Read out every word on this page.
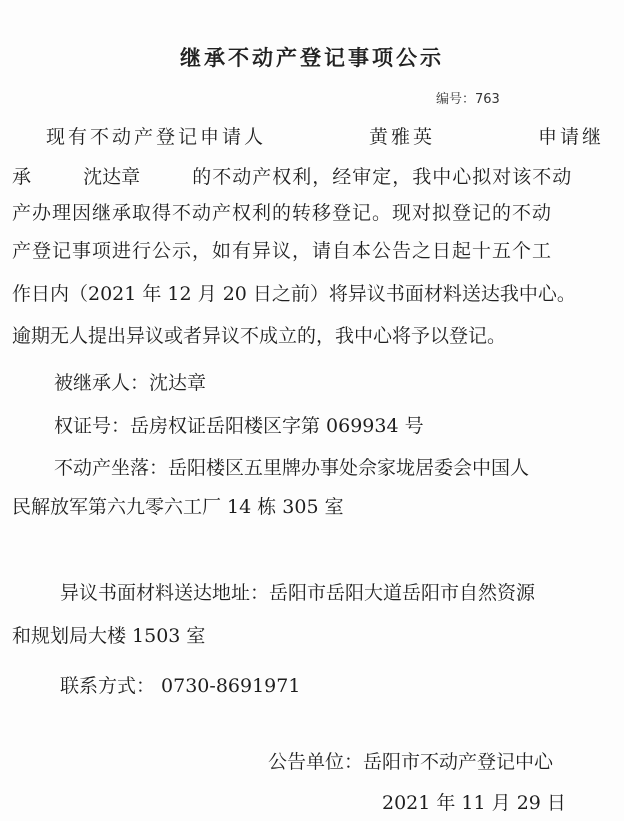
继承不动产登记事项公示
编号：763
现有不动产登记申请人	黄雅英	申请继
承	沈达章	的不动产权利，经审定，我中心拟对该不动
产办理因继承取得不动产权利的转移登记。现对拟登记的不动
产登记事项进行公示，如有异议，请自本公告之日起十五个工
作日内（2021 年 12 月 20 日之前）将异议书面材料送达我中心。
逾期无人提出异议或者异议不成立的，我中心将予以登记。
被继承人：沈达章
权证号：岳房权证岳阳楼区字第 069934 号
不动产坐落：岳阳楼区五里牌办事处佘家垅居委会中国人
民解放军第六九零六工厂 14 栋 305 室
异议书面材料送达地址：岳阳市岳阳大道岳阳市自然资源
和规划局大楼 1503 室
联系方式： 0730-8691971
公告单位：岳阳市不动产登记中心
2021 年 11 月 29 日
